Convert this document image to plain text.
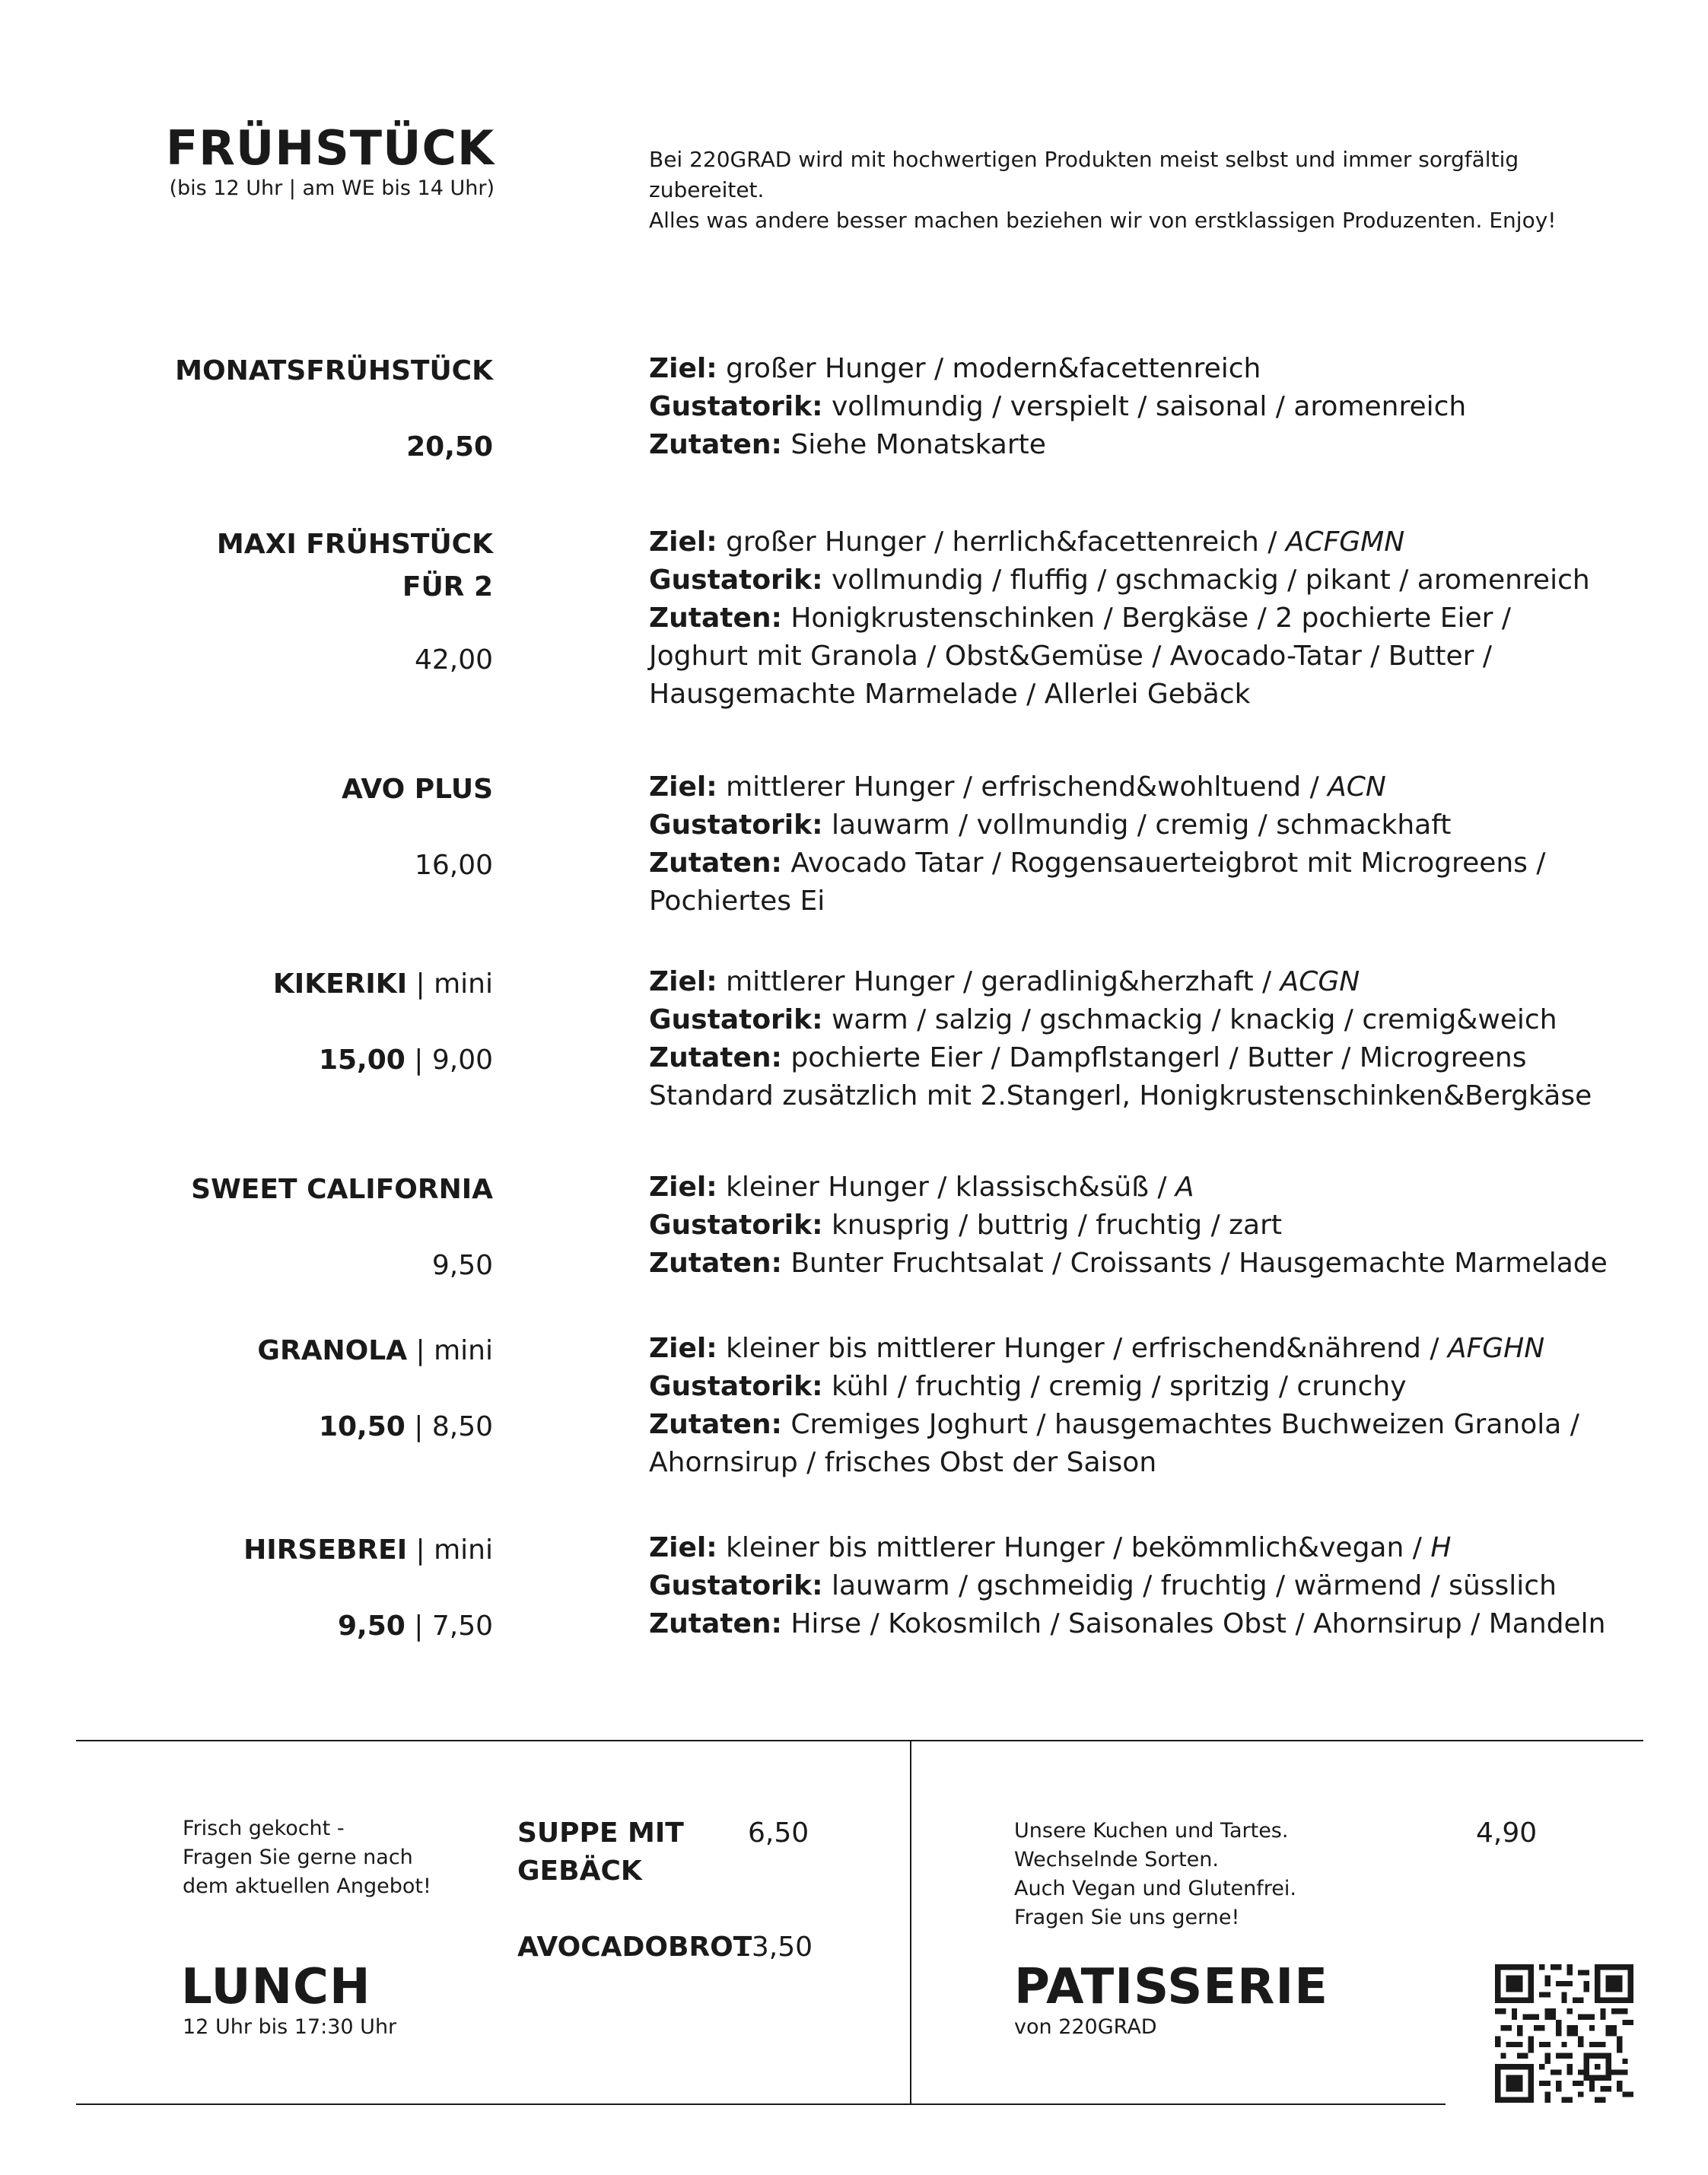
FRÜHSTÜCK

(bis 12 Uhr | am WE bis 14 Uhr)

Bei 220GRAD wird mit hochwertigen Produkten meist selbst und immer sorgfältig zubereitet.
Alles was andere besser machen beziehen wir von erstklassigen Produzenten. Enjoy!
MONATSFRÜHSTÜCK
20,50
Ziel: großer Hunger / modern&facettenreich
Gustatorik: vollmundig / verspielt / saisonal / aromenreich
Zutaten: Siehe Monatskarte
MAXI FRÜHSTÜCK
FÜR 2
42,00
Ziel: großer Hunger / herrlich&facettenreich / ACFGMN
Gustatorik: vollmundig / fluffig / gschmackig / pikant / aromenreich
Zutaten: Honigkrustenschinken / Bergkäse / 2 pochierte Eier /
Joghurt mit Granola / Obst&Gemüse / Avocado-Tatar / Butter /
Hausgemachte Marmelade / Allerlei Gebäck
AVO PLUS
16,00
Ziel: mittlerer Hunger / erfrischend&wohltuend / ACN
Gustatorik: lauwarm / vollmundig / cremig / schmackhaft
Zutaten: Avocado Tatar / Roggensauerteigbrot mit Microgreens /
Pochiertes Ei
KIKERIKI | mini
15,00 | 9,00
Ziel: mittlerer Hunger / geradlinig&herzhaft / ACGN
Gustatorik: warm / salzig / gschmackig / knackig / cremig&weich
Zutaten: pochierte Eier / Dampflstangerl / Butter / Microgreens
Standard zusätzlich mit 2.Stangerl, Honigkrustenschinken&Bergkäse
SWEET CALIFORNIA
9,50
Ziel: kleiner Hunger / klassisch&süß / A
Gustatorik: knusprig / buttrig / fruchtig / zart
Zutaten: Bunter Fruchtsalat / Croissants / Hausgemachte Marmelade
GRANOLA | mini
10,50 | 8,50
Ziel: kleiner bis mittlerer Hunger / erfrischend&nährend / AFGHN
Gustatorik: kühl / fruchtig / cremig / spritzig / crunchy
Zutaten: Cremiges Joghurt / hausgemachtes Buchweizen Granola /
Ahornsirup / frisches Obst der Saison
HIRSEBREI | mini
9,50 | 7,50
Ziel: kleiner bis mittlerer Hunger / bekömmlich&vegan / H
Gustatorik: lauwarm / gschmeidig / fruchtig / wärmend / süsslich
Zutaten: Hirse / Kokosmilch / Saisonales Obst / Ahornsirup / Mandeln
Frisch gekocht -
Fragen Sie gerne nach
dem aktuellen Angebot!
LUNCH
12 Uhr bis 17:30 Uhr
SUPPE MIT
GEBÄCK
6,50
AVOCADOBROT
13,50
Unsere Kuchen und Tartes.
Wechselnde Sorten.
Auch Vegan und Glutenfrei.
Fragen Sie uns gerne!
4,90
PATISSERIE
von 220GRAD
